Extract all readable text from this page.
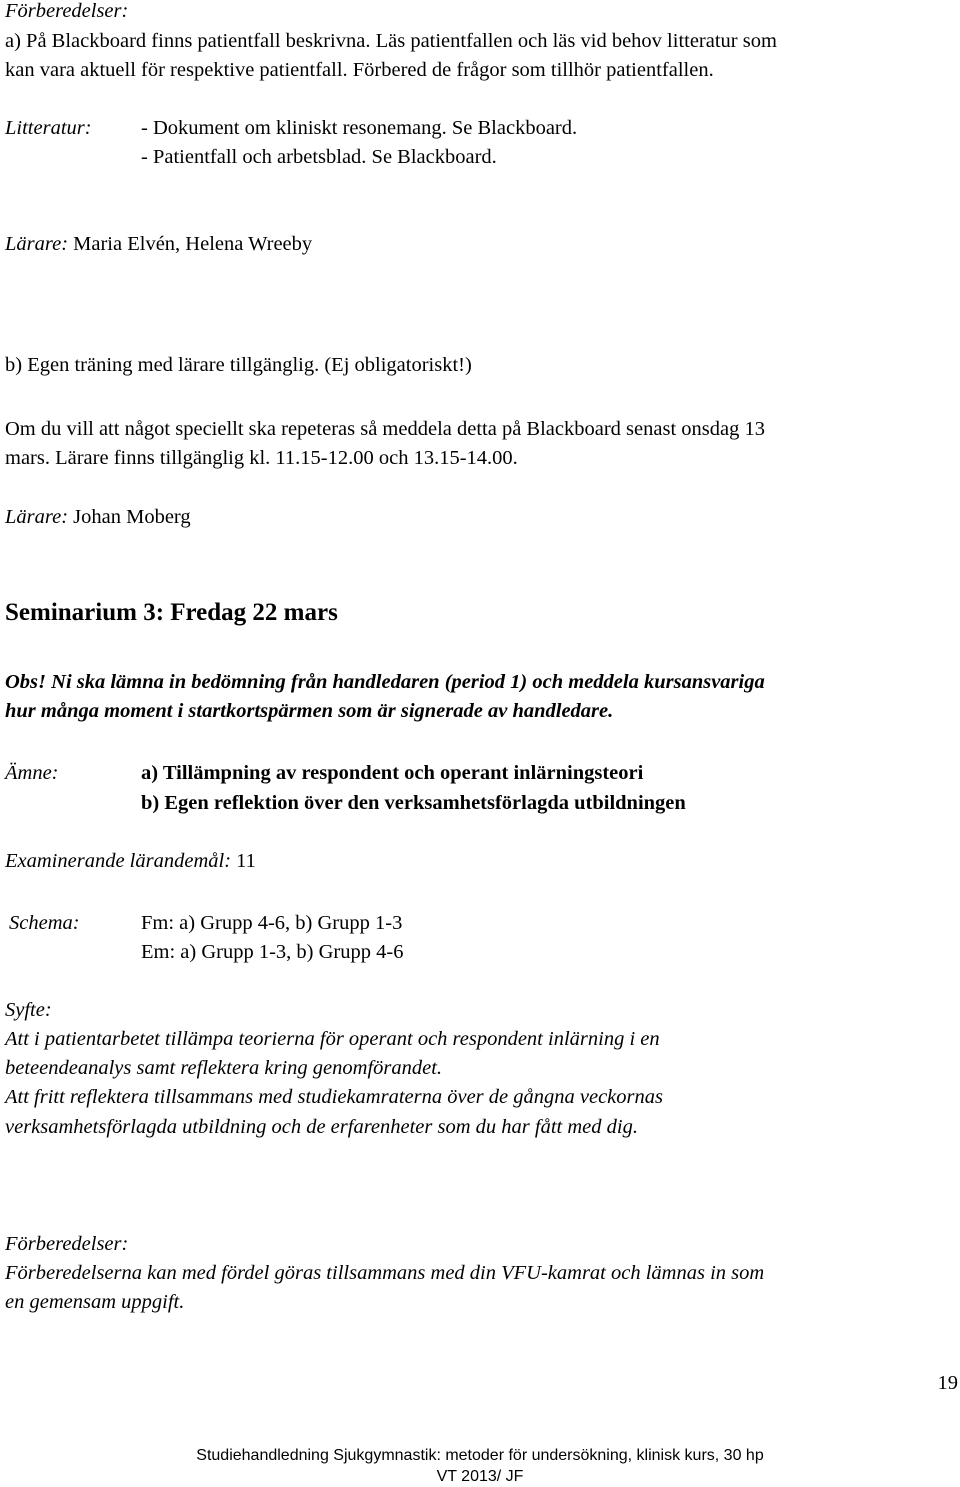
Förberedelser:
a) På Blackboard finns patientfall beskrivna. Läs patientfallen och läs vid behov litteratur som
kan vara aktuell för respektive patientfall. Förbered de frågor som tillhör patientfallen.
Litteratur: - Dokument om kliniskt resonemang. Se Blackboard.
- Patientfall och arbetsblad. Se Blackboard.
Lärare: Maria Elvén, Helena Wreeby
b) Egen träning med lärare tillgänglig. (Ej obligatoriskt!)
Om du vill att något speciellt ska repeteras så meddela detta på Blackboard senast onsdag 13
mars. Lärare finns tillgänglig kl. 11.15-12.00 och 13.15-14.00.
Lärare: Johan Moberg
Seminarium 3: Fredag 22 mars
Obs! Ni ska lämna in bedömning från handledaren (period 1) och meddela kursansvariga
hur många moment i startkortspärmen som är signerade av handledare.
Ämne:	a) Tillämpning av respondent och operant inlärningsteori
b) Egen reflektion över den verksamhetsförlagda utbildningen
Examinerande lärandemål: 11
Schema:	Fm: a) Grupp 4-6, b) Grupp 1-3
Em: a) Grupp 1-3, b) Grupp 4-6
Syfte:
Att i patientarbetet tillämpa teorierna för operant och respondent inlärning i en
beteendeanalys samt reflektera kring genomförandet.
Att fritt reflektera tillsammans med studiekamraterna över de gångna veckornas
verksamhetsförlagda utbildning och de erfarenheter som du har fått med dig.
Förberedelser:
Förberedelserna kan med fördel göras tillsammans med din VFU-kamrat och lämnas in som
en gemensam uppgift.
19
Studiehandledning Sjukgymnastik: metoder för undersökning, klinisk kurs, 30 hp
VT 2013/ JF
